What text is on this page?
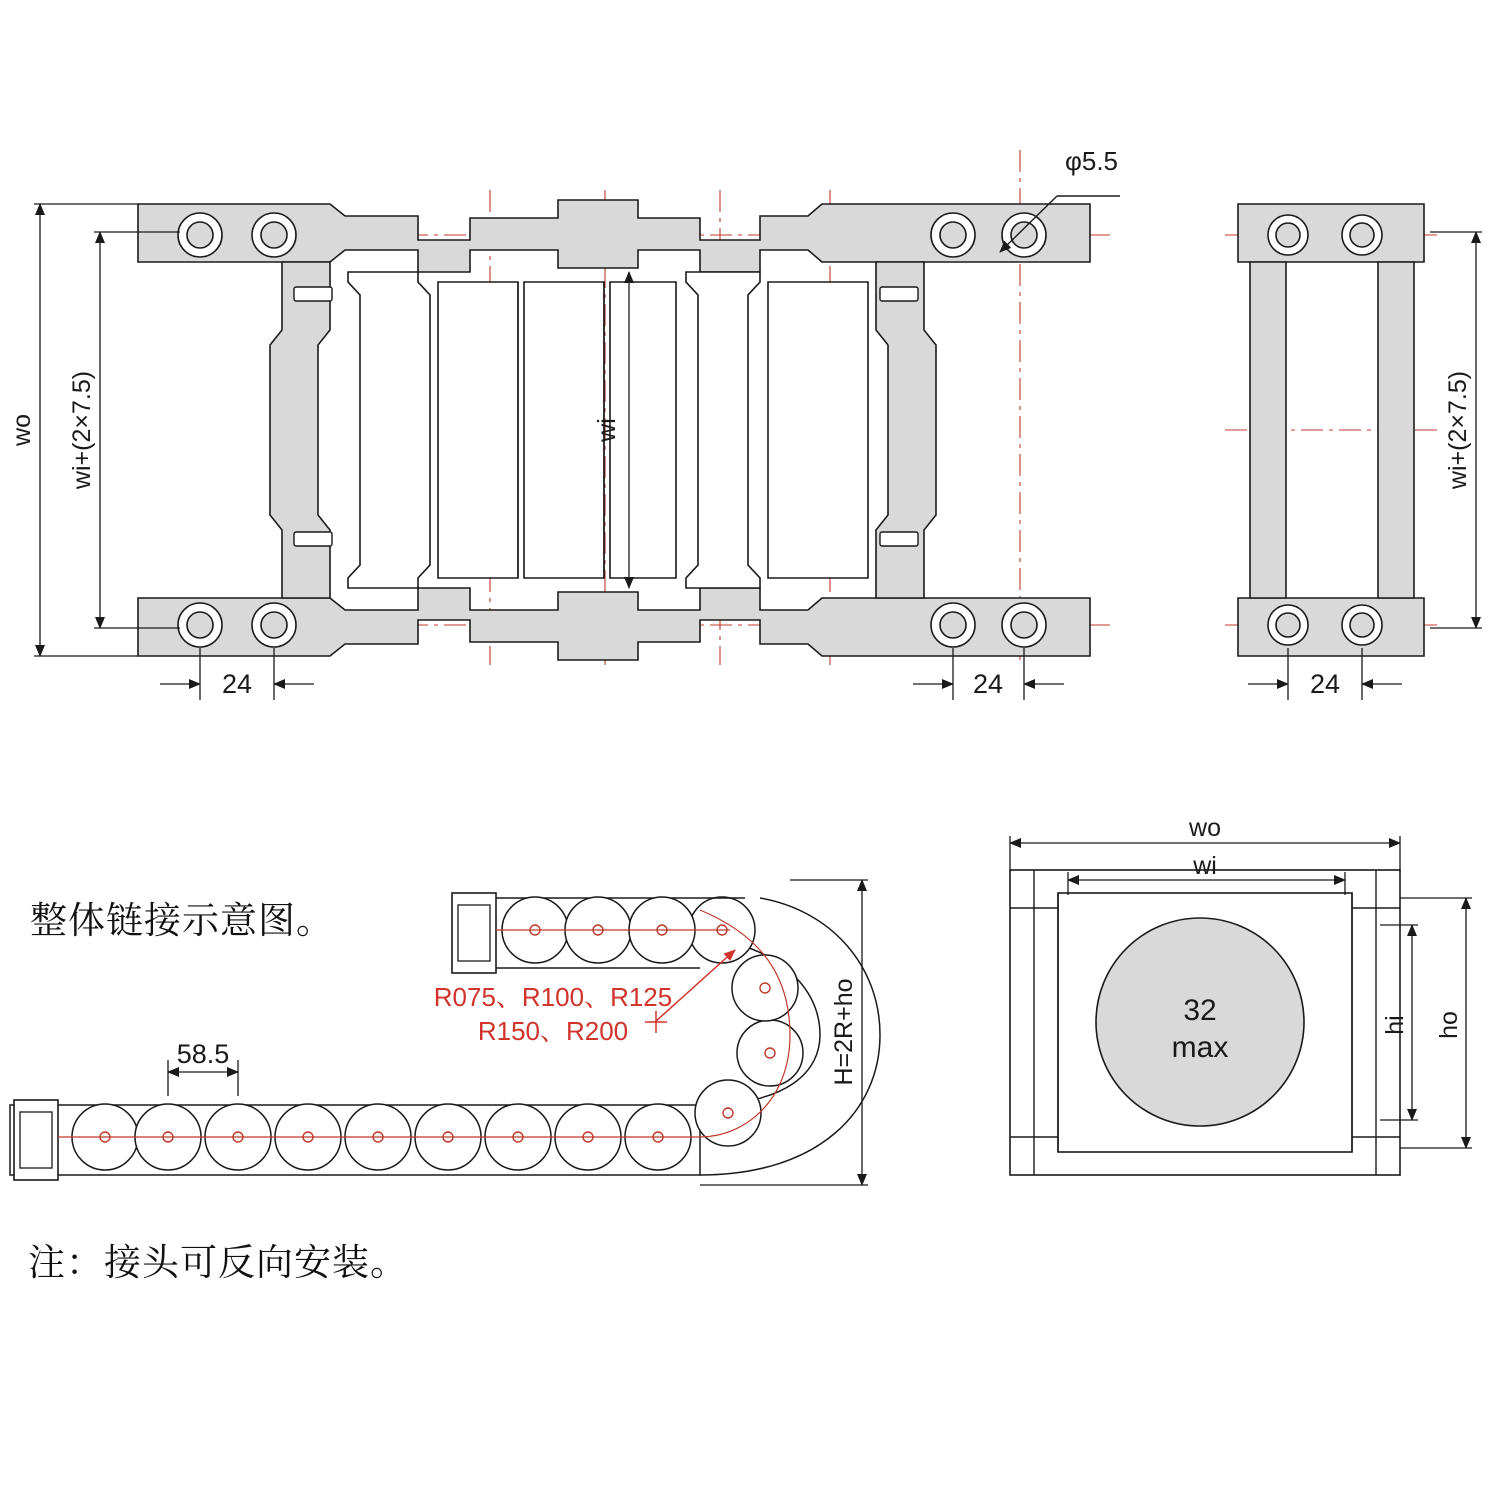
φ5.5
wo wi+(2×7.5)	wi
24	24
wi+(2×7.5)
24
58.5	H=2R+ho
R075、R100、R125
R150、R200
wo
wi
hi ho
32
max
整体链接示意图。
注：接头可反向安装。
